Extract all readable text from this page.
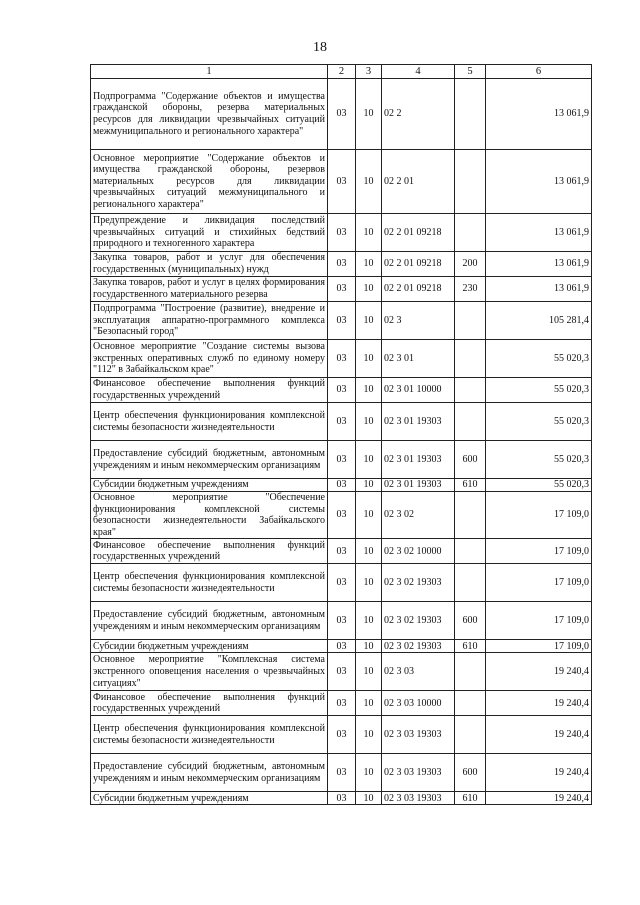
18
1	2	3	4	5	6
Подпрограмма "Содержание объектов и имущества гражданской обороны, резерва материальных ресурсов для ликвидации чрезвычайных ситуаций межмуниципального и регионального характера"	03	10	02 2		13 061,9
Основное мероприятие "Содержание объектов и имущества гражданской обороны, резервов материальных ресурсов для ликвидации чрезвычайных ситуаций межмуниципального и регионального характера"	03	10	02 2 01		13 061,9
Предупреждение и ликвидация последствий чрезвычайных ситуаций и стихийных бедствий природного и техногенного характера	03	10	02 2 01 09218		13 061,9
Закупка товаров, работ и услуг для обеспечения государственных (муниципальных) нужд	03	10	02 2 01 09218	200	13 061,9
Закупка товаров, работ и услуг в целях формирования государственного материального резерва	03	10	02 2 01 09218	230	13 061,9
Подпрограмма "Построение (развитие), внедрение и эксплуатация аппаратно-программного комплекса "Безопасный город"	03	10	02 3		105 281,4
Основное мероприятие "Создание системы вызова экстренных оперативных служб по единому номеру "112" в Забайкальском крае"	03	10	02 3 01		55 020,3
Финансовое обеспечение выполнения функций государственных учреждений	03	10	02 3 01 10000		55 020,3
Центр обеспечения функционирования комплексной системы безопасности жизнедеятельности	03	10	02 3 01 19303		55 020,3
Предоставление субсидий бюджетным, автономным учреждениям и иным некоммерческим организациям	03	10	02 3 01 19303	600	55 020,3
Субсидии бюджетным учреждениям	03	10	02 3 01 19303	610	55 020,3
Основное мероприятие "Обеспечение функционирования комплексной системы безопасности жизнедеятельности Забайкальского края"	03	10	02 3 02		17 109,0
Финансовое обеспечение выполнения функций государственных учреждений	03	10	02 3 02 10000		17 109,0
Центр обеспечения функционирования комплексной системы безопасности жизнедеятельности	03	10	02 3 02 19303		17 109,0
Предоставление субсидий бюджетным, автономным учреждениям и иным некоммерческим организациям	03	10	02 3 02 19303	600	17 109,0
Субсидии бюджетным учреждениям	03	10	02 3 02 19303	610	17 109,0
Основное мероприятие "Комплексная система экстренного оповещения населения о чрезвычайных ситуациях"	03	10	02 3 03		19 240,4
Финансовое обеспечение выполнения функций государственных учреждений	03	10	02 3 03 10000		19 240,4
Центр обеспечения функционирования комплексной системы безопасности жизнедеятельности	03	10	02 3 03 19303		19 240,4
Предоставление субсидий бюджетным, автономным учреждениям и иным некоммерческим организациям	03	10	02 3 03 19303	600	19 240,4
Субсидии бюджетным учреждениям	03	10	02 3 03 19303	610	19 240,4
